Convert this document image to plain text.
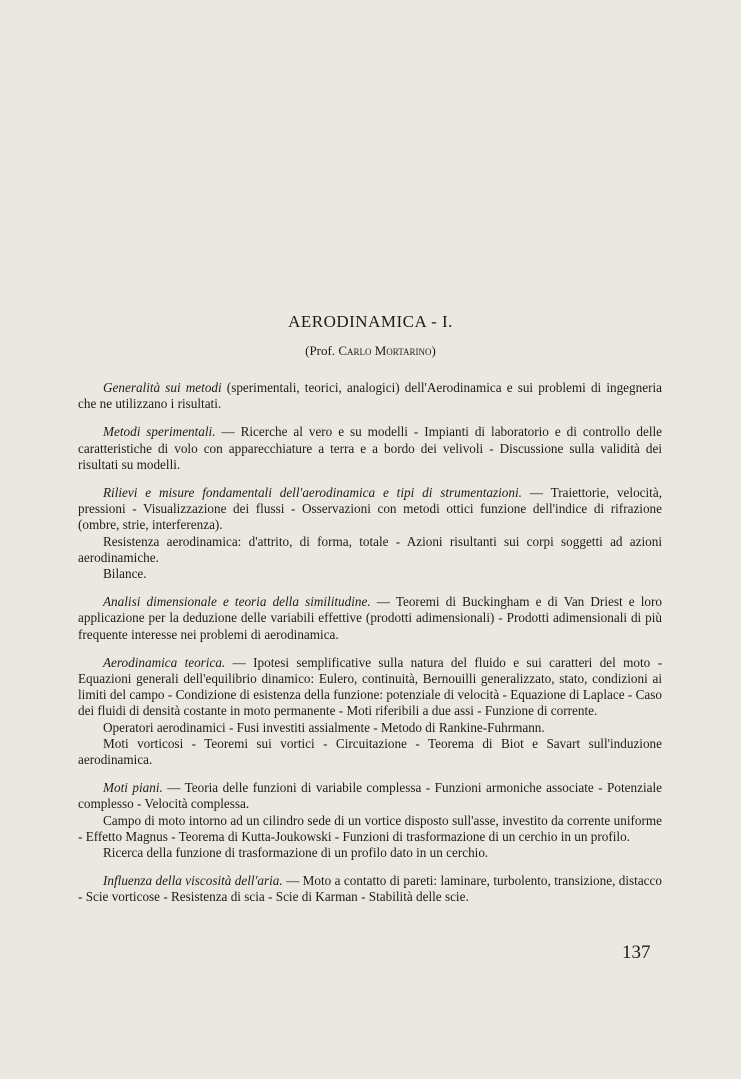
AERODINAMICA - I.
(Prof. Carlo Mortarino)

Generalità sui metodi (sperimentali, teorici, analogici) dell'Aerodinamica e sui problemi di ingegneria che ne utilizzano i risultati.

Metodi sperimentali. — Ricerche al vero e su modelli - Impianti di laboratorio e di controllo delle caratteristiche di volo con apparecchiature a terra e a bordo dei velivoli - Discussione sulla validità dei risultati su modelli.

Rilievi e misure fondamentali dell'aerodinamica e tipi di strumentazioni. — Traiettorie, velocità, pressioni - Visualizzazione dei flussi - Osservazioni con metodi ottici funzione dell'indice di rifrazione (ombre, strie, interferenza).

Resistenza aerodinamica: d'attrito, di forma, totale - Azioni risultanti sui corpi soggetti ad azioni aerodinamiche.

Bilance.

Analisi dimensionale e teoria della similitudine. — Teoremi di Buckingham e di Van Driest e loro applicazione per la deduzione delle variabili effettive (prodotti adimensionali) - Prodotti adimensionali di più frequente interesse nei problemi di aerodinamica.

Aerodinamica teorica. — Ipotesi semplificative sulla natura del fluido e sui caratteri del moto - Equazioni generali dell'equilibrio dinamico: Eulero, continuità, Bernouilli generalizzato, stato, condizioni ai limiti del campo - Condizione di esistenza della funzione: potenziale di velocità - Equazione di Laplace - Caso dei fluidi di densità costante in moto permanente - Moti riferibili a due assi - Funzione di corrente.

Operatori aerodinamici - Fusi investiti assialmente - Metodo di Rankine-Fuhrmann.

Moti vorticosi - Teoremi sui vortici - Circuitazione - Teorema di Biot e Savart sull'induzione aerodinamica.

Moti piani. — Teoria delle funzioni di variabile complessa - Funzioni armoniche associate - Potenziale complesso - Velocità complessa.

Campo di moto intorno ad un cilindro sede di un vortice disposto sull'asse, investito da corrente uniforme - Effetto Magnus - Teorema di Kutta-Joukowski - Funzioni di trasformazione di un cerchio in un profilo.

Ricerca della funzione di trasformazione di un profilo dato in un cerchio.

Influenza della viscosità dell'aria. — Moto a contatto di pareti: laminare, turbolento, transizione, distacco - Scie vorticose - Resistenza di scia - Scie di Karman - Stabilità delle scie.

137
